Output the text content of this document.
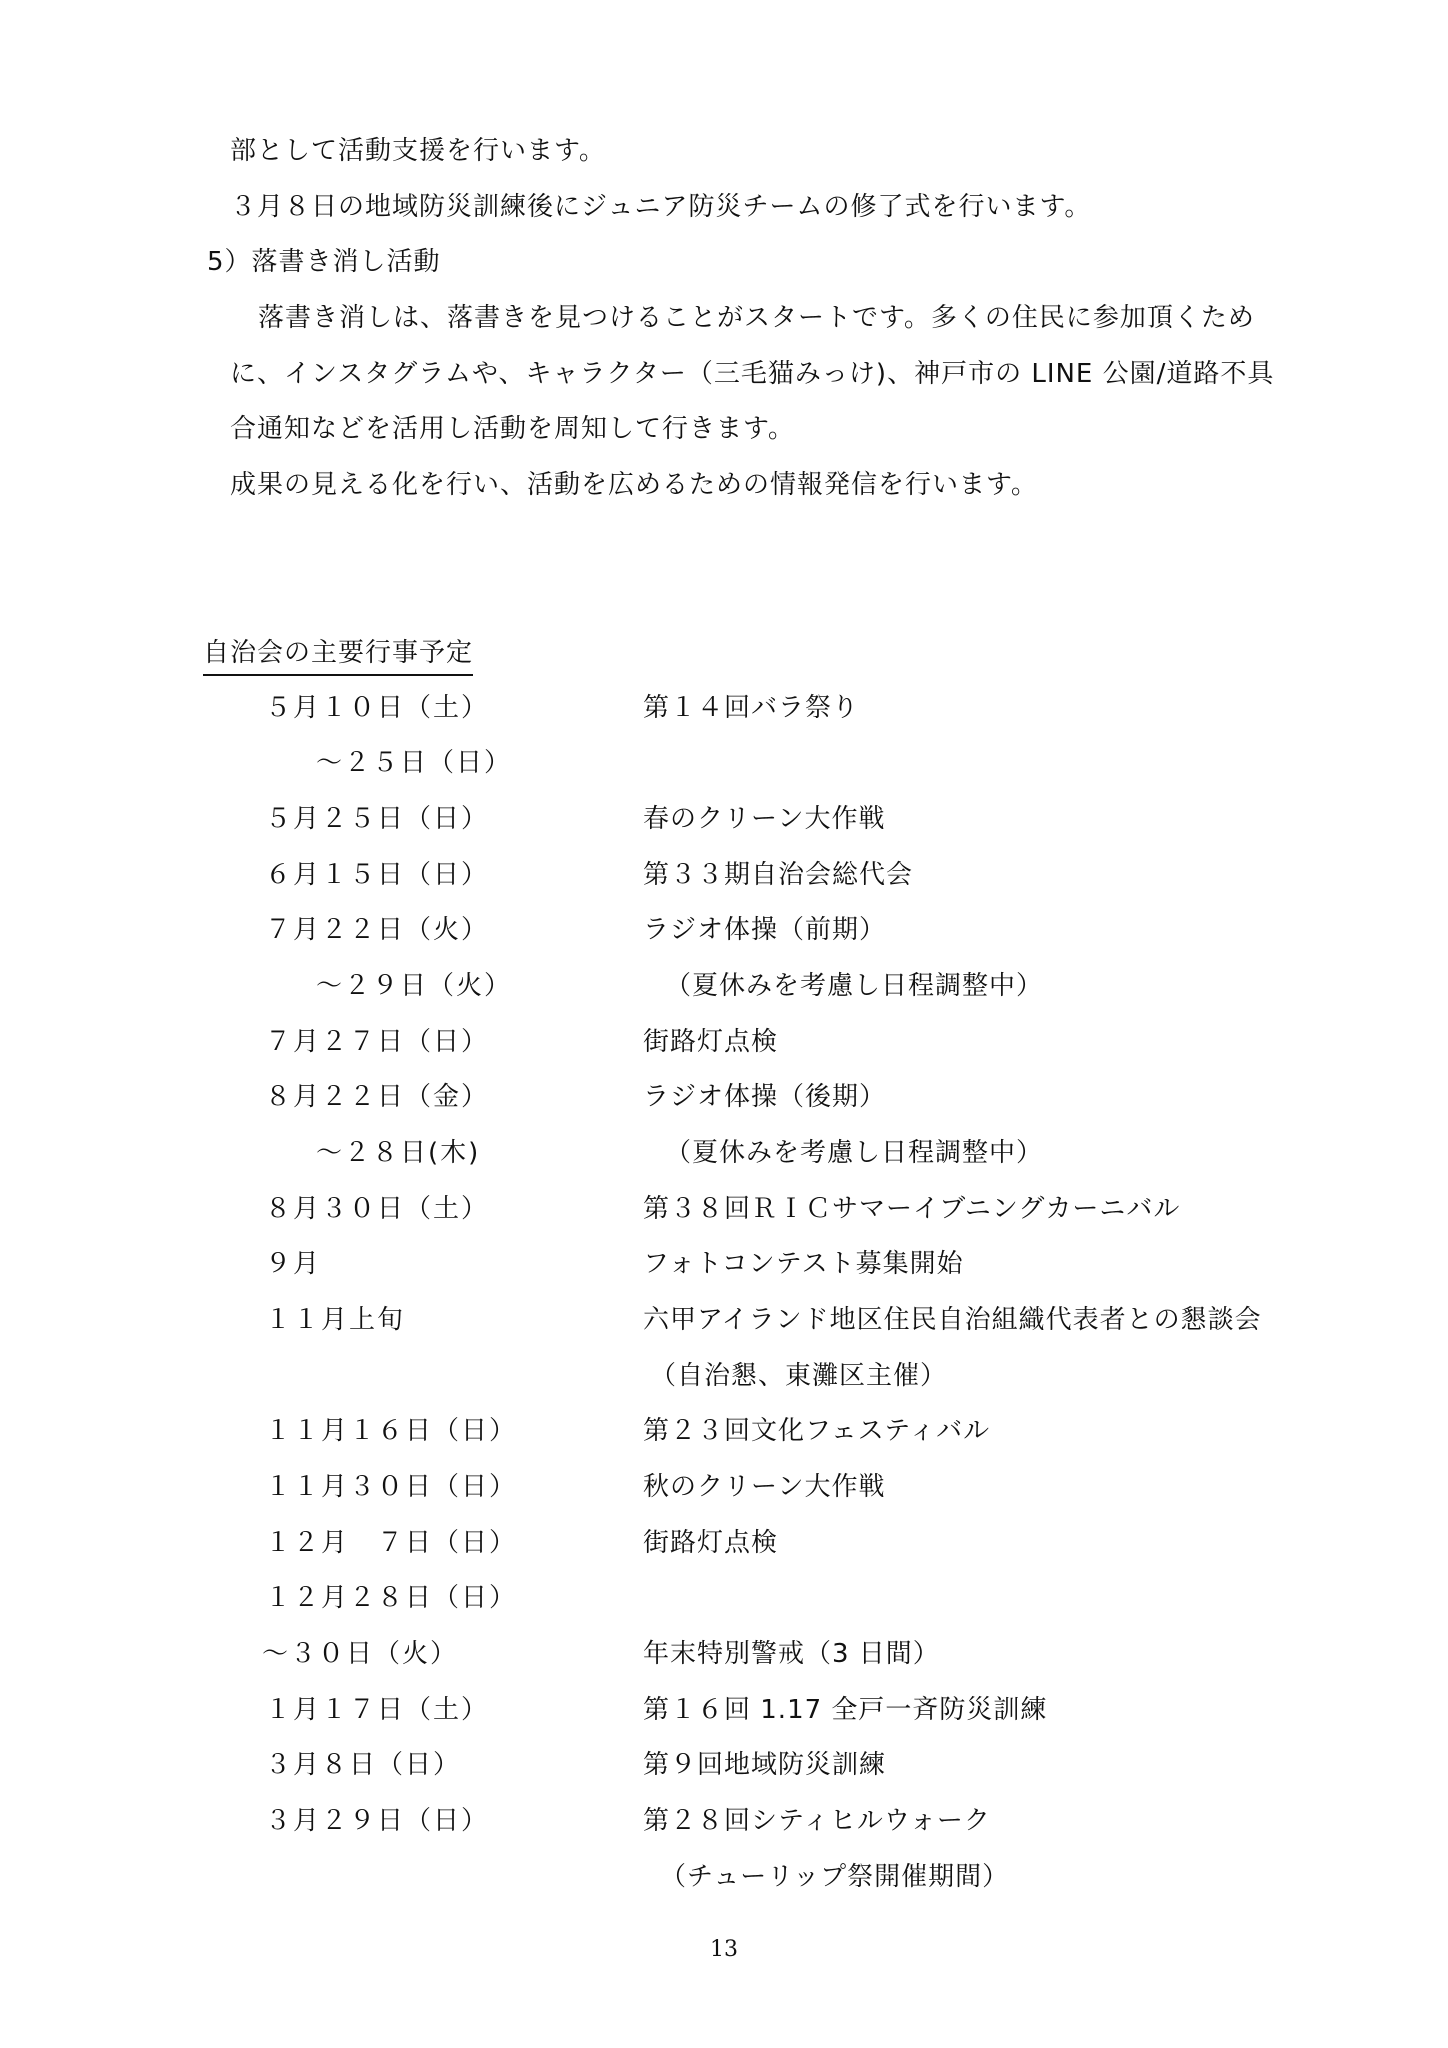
部として活動支援を行います。
３月８日の地域防災訓練後にジュニア防災チームの修了式を行います。
5）落書き消し活動
落書き消しは、落書きを見つけることがスタートです。多くの住民に参加頂くため
に、インスタグラムや、キャラクター（三毛猫みっけ)、神戸市の LINE 公園/道路不具
合通知などを活用し活動を周知して行きます。
成果の見える化を行い、活動を広めるための情報発信を行います。
自治会の主要行事予定
５月１０日（土）	第１４回バラ祭り
～２５日（日）
５月２５日（日）	春のクリーン大作戦
６月１５日（日）	第３３期自治会総代会
７月２２日（火）	ラジオ体操（前期）
～２９日（火）	（夏休みを考慮し日程調整中）
７月２７日（日）	街路灯点検
８月２２日（金）	ラジオ体操（後期）
～２８日(木)	（夏休みを考慮し日程調整中）
８月３０日（土）	第３８回ＲＩＣサマーイブニングカーニバル
９月	フォトコンテスト募集開始
１１月上旬	六甲アイランド地区住民自治組織代表者との懇談会
（自治懇、東灘区主催）
１１月１６日（日）	第２３回文化フェスティバル
１１月３０日（日）	秋のクリーン大作戦
１２月　７日（日）	街路灯点検
１２月２８日（日）
～３０日（火）	年末特別警戒（3 日間）
１月１７日（土）	第１６回 1.17 全戸一斉防災訓練
３月８日（日）	第９回地域防災訓練
３月２９日（日）	第２８回シティヒルウォーク
（チューリップ祭開催期間）
13
